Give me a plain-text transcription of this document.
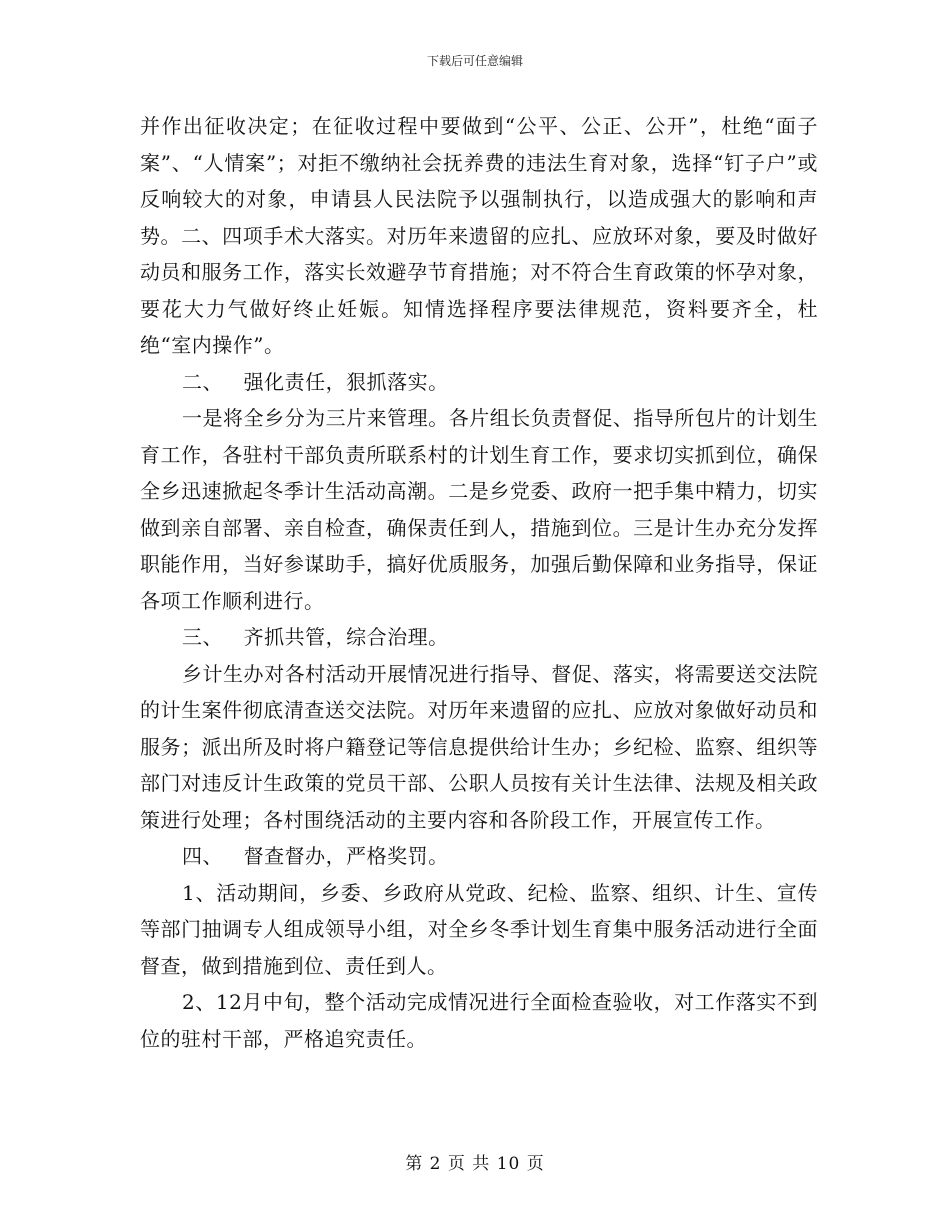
下载后可任意编辑

并作出征收决定；在征收过程中要做到“公平、公正、公开”，杜绝“面子案”、“人情案”；对拒不缴纳社会抚养费的违法生育对象，选择“钉子户”或反响较大的对象，申请县人民法院予以强制执行，以造成强大的影响和声势。二、四项手术大落实。对历年来遗留的应扎、应放环对象，要及时做好动员和服务工作，落实长效避孕节育措施；对不符合生育政策的怀孕对象，要花大力气做好终止妊娠。知情选择程序要法律规范，资料要齐全，杜绝“室内操作”。

二、   强化责任，狠抓落实。

一是将全乡分为三片来管理。各片组长负责督促、指导所包片的计划生育工作，各驻村干部负责所联系村的计划生育工作，要求切实抓到位，确保全乡迅速掀起冬季计生活动高潮。二是乡党委、政府一把手集中精力，切实做到亲自部署、亲自检查，确保责任到人，措施到位。三是计生办充分发挥职能作用，当好参谋助手，搞好优质服务，加强后勤保障和业务指导，保证各项工作顺利进行。

三、   齐抓共管，综合治理。

乡计生办对各村活动开展情况进行指导、督促、落实，将需要送交法院的计生案件彻底清查送交法院。对历年来遗留的应扎、应放对象做好动员和服务；派出所及时将户籍登记等信息提供给计生办；乡纪检、监察、组织等部门对违反计生政策的党员干部、公职人员按有关计生法律、法规及相关政策进行处理；各村围绕活动的主要内容和各阶段工作，开展宣传工作。

四、   督查督办，严格奖罚。

1、活动期间，乡委、乡政府从党政、纪检、监察、组织、计生、宣传等部门抽调专人组成领导小组，对全乡冬季计划生育集中服务活动进行全面督查，做到措施到位、责任到人。

2、12月中旬，整个活动完成情况进行全面检查验收，对工作落实不到位的驻村干部，严格追究责任。

第 2 页 共 10 页
